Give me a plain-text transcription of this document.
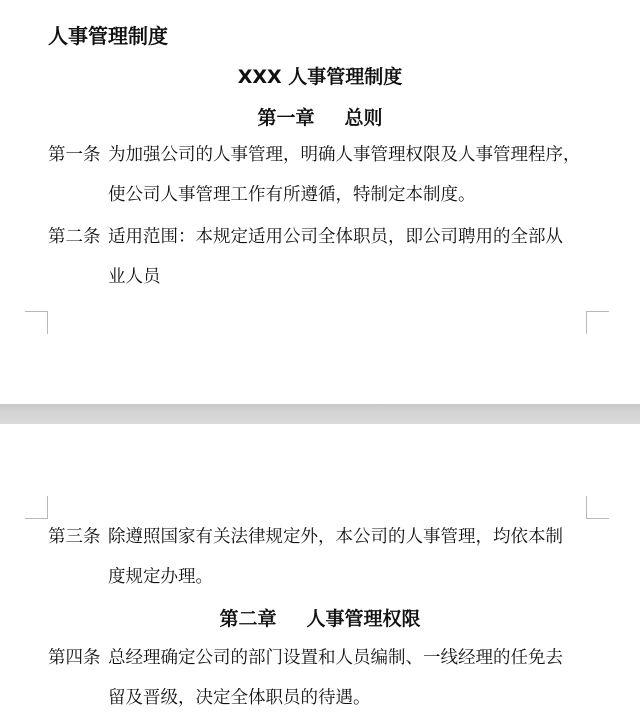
人事管理制度
XXX 人事管理制度
第一章 总则
第一条 为加强公司的人事管理，明确人事管理权限及人事管理程序，
使公司人事管理工作有所遵循，特制定本制度。
第二条 适用范围：本规定适用公司全体职员，即公司聘用的全部从
业人员
第三条 除遵照国家有关法律规定外，本公司的人事管理，均依本制
度规定办理。
第二章 人事管理权限
第四条 总经理确定公司的部门设置和人员编制、一线经理的任免去
留及晋级，决定全体职员的待遇。
